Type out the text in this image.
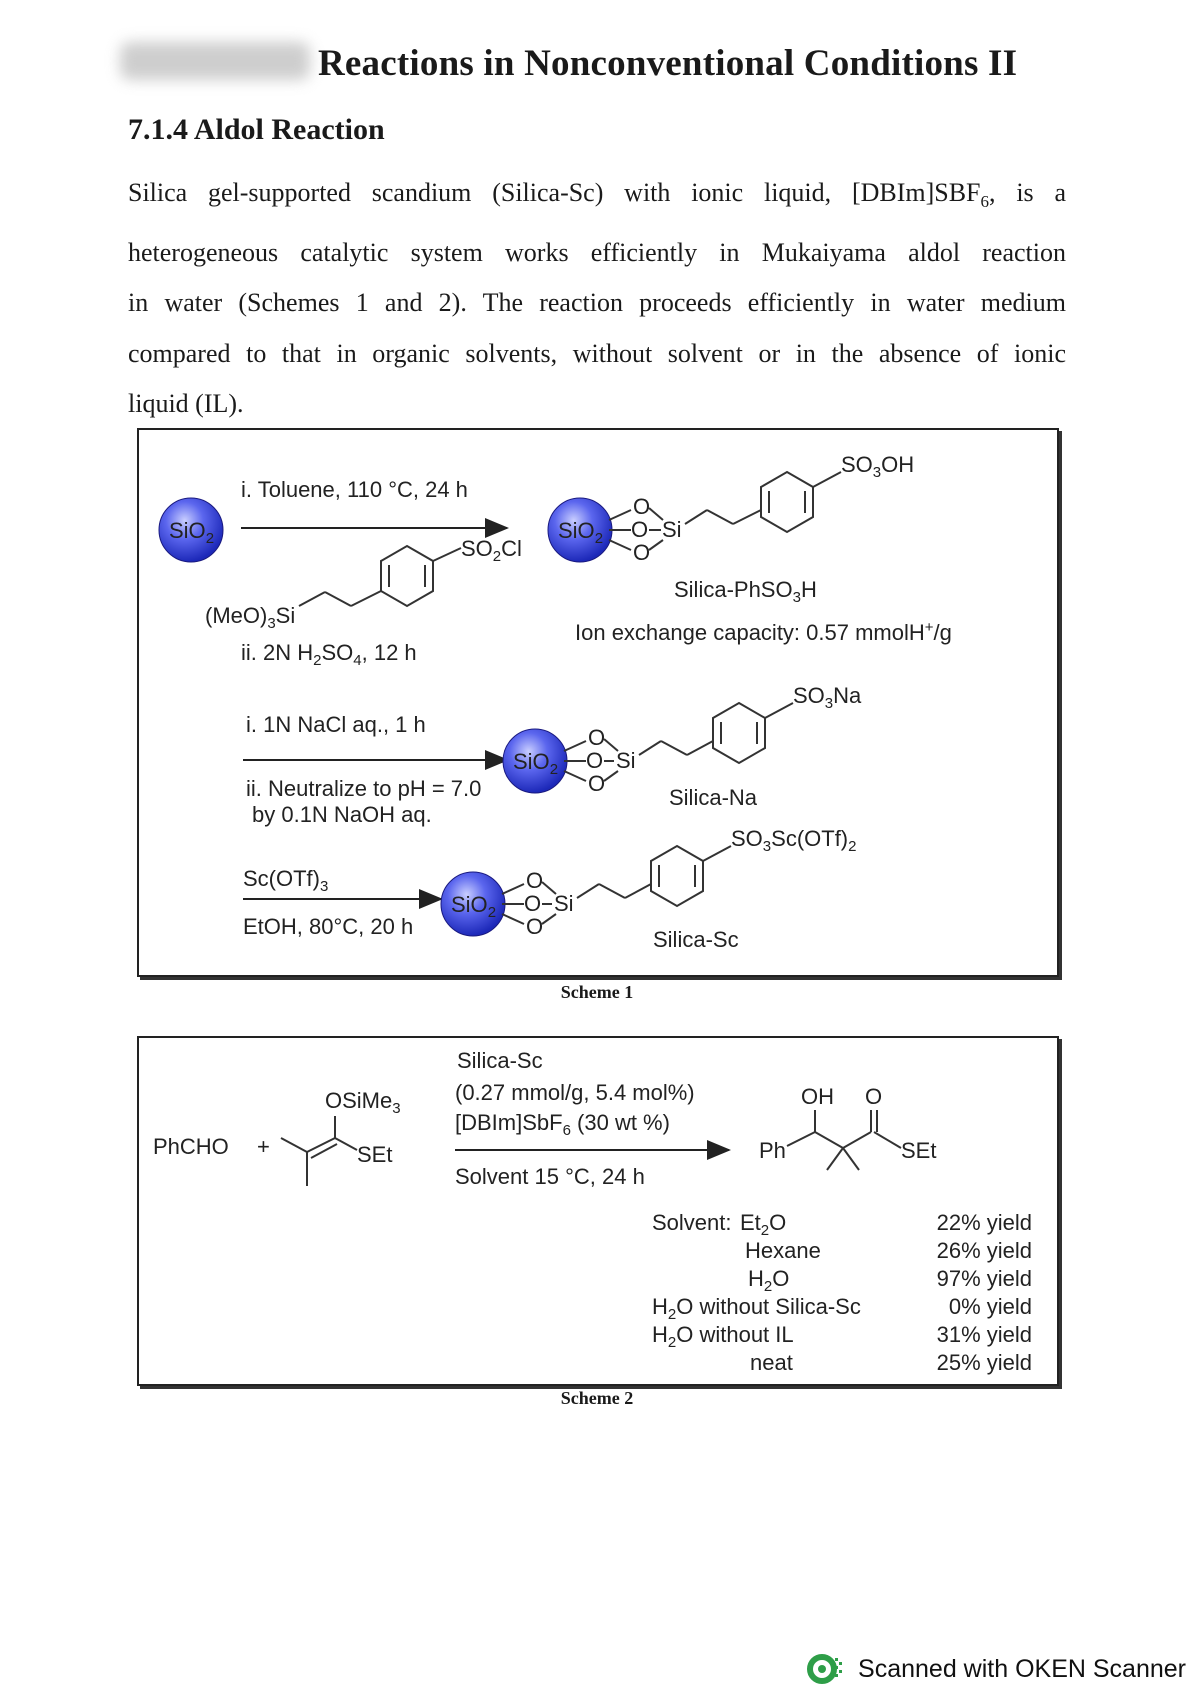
Reactions in Nonconventional Conditions II
7.1.4 Aldol Reaction
Silica gel-supported scandium (Silica-Sc) with ionic liquid, $[DBIm]SBF_6$, is a
heterogeneous catalytic system works efficiently in Mukaiyama aldol reaction
in water (Schemes 1 and 2). The reaction proceeds efficiently in water medium
compared to that in organic solvents, without solvent or in the absence of ionic
liquid (IL).
SiO$_2$
i. Toluene, 110 °C, 24 h
$SO_2Cl$
$(MeO)_3Si$
ii. 2N $H_2SO_4$, 12 h
SiO$_2$
O
O
O
Si
$SO_3OH$
Silica-PhSO$_3$H
Ion exchange capacity: 0.57 mmolH+/g
i. 1N NaCl aq., 1 h
ii. Neutralize to pH = 7.0
by 0.1N NaOH aq.
SiO$_2$
O
O
O
Si
$SO_3Na$
Silica-Na
$Sc(OTf)_3$
EtOH, 80°C, 20 h
SiO$_2$
O
O
O
Si
$SO_3Sc(OTf)_2$
Silica-Sc
Scheme 1
PhCHO +
OSiMe$_3$
SEt
Silica-Sc
(0.27 mmol/g, 5.4 mol%)
[DBIm]SbF$_6$ (30 wt %)
Solvent 15 °C, 24 h
Ph
OH O
SEt
Solvent: $Et_2O$	22% yield
Hexane	26% yield
$H_2O$	97% yield
$H_2O$ without Silica-Sc	0% yield
$H_2O$ without IL	31% yield
neat	25% yield
Scheme 2
Scanned with OKEN Scanner
